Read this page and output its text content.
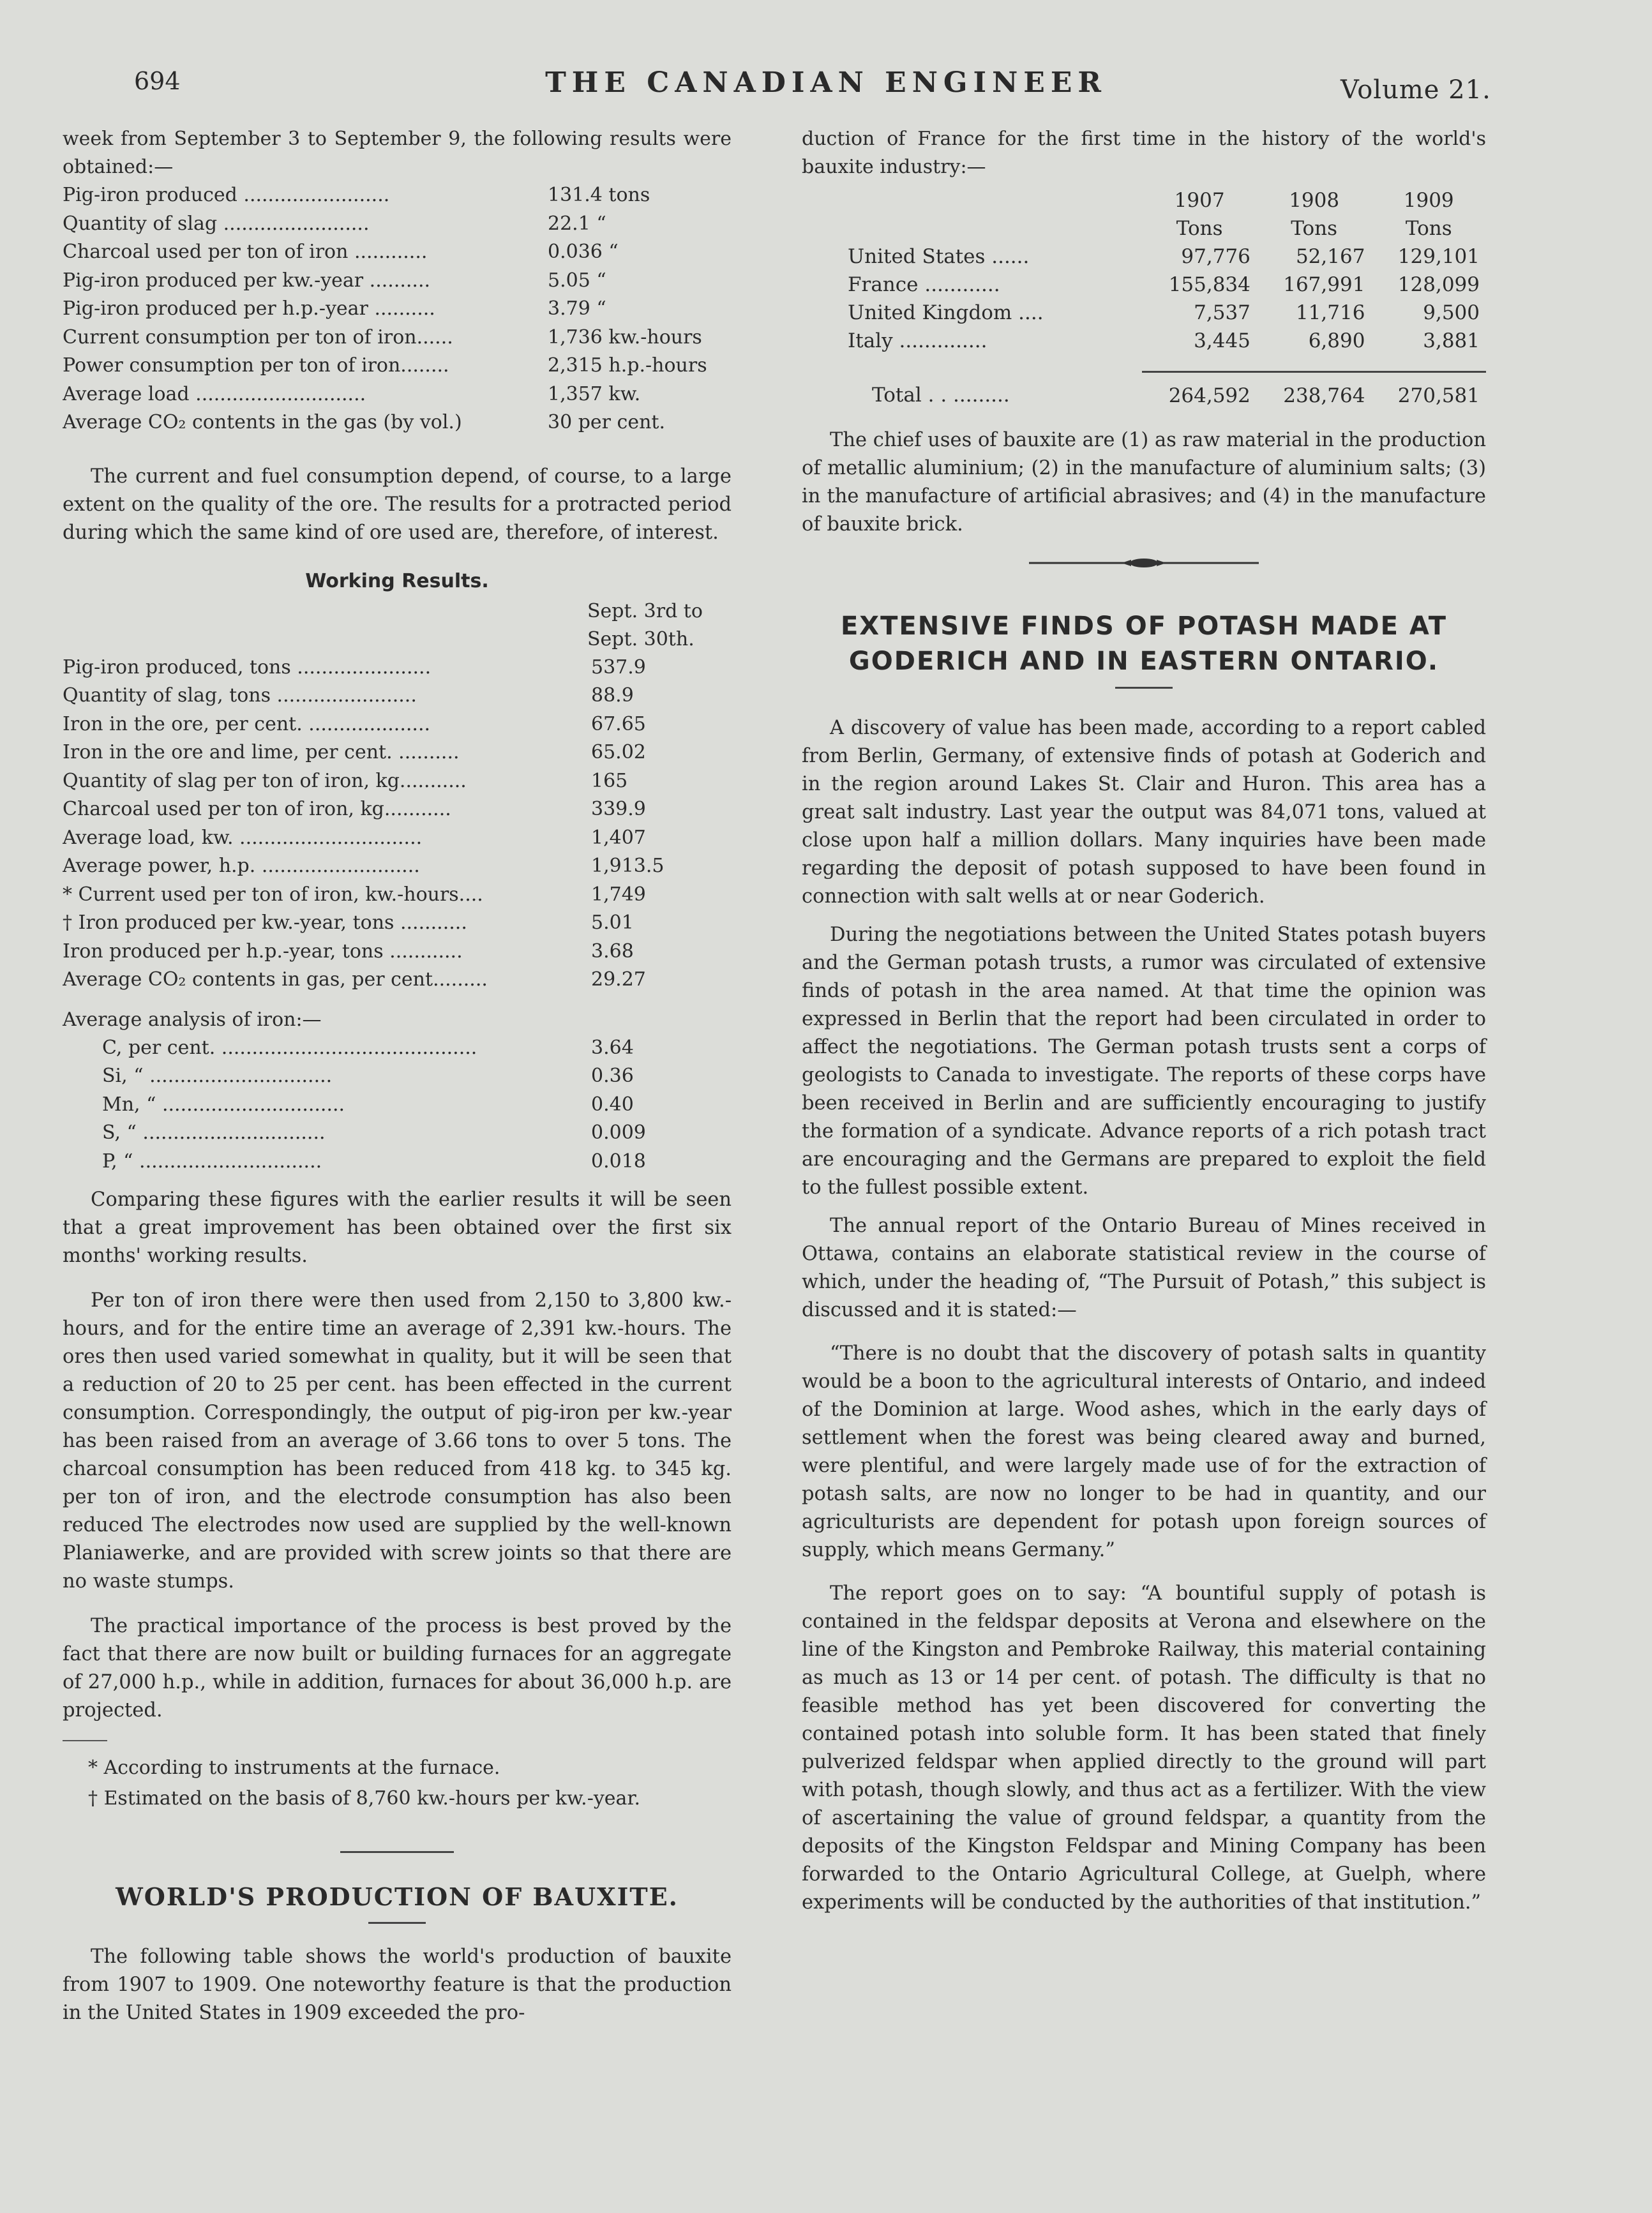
694	THE CANADIAN ENGINEER	Volume 21.

week from September 3 to September 9, the following results were obtained:—

Pig-iron produced ........................	131.4 tons
Quantity of slag ........................	22.1 “
Charcoal used per ton of iron ............	0.036 “
Pig-iron produced per kw.-year ..........	5.05 “
Pig-iron produced per h.p.-year ..........	3.79 “
Current consumption per ton of iron......	1,736 kw.-hours
Power consumption per ton of iron........	2,315 h.p.-hours
Average load ............................	1,357 kw.
Average CO₂ contents in the gas (by vol.)	30 per cent.

The current and fuel consumption depend, of course, to a large extent on the quality of the ore. The results for a protracted period during which the same kind of ore used are, therefore, of interest.

Working Results.
Sept. 3rd to
Sept. 30th.
Pig-iron produced, tons ......................	537.9
Quantity of slag, tons .......................	88.9
Iron in the ore, per cent. ....................	67.65
Iron in the ore and lime, per cent. ..........	65.02
Quantity of slag per ton of iron, kg...........	165
Charcoal used per ton of iron, kg...........	339.9
Average load, kw. ..............................	1,407
Average power, h.p. ..........................	1,913.5
* Current used per ton of iron, kw.-hours....	1,749
† Iron produced per kw.-year, tons ...........	5.01
Iron produced per h.p.-year, tons ............	3.68
Average CO₂ contents in gas, per cent.........	29.27
Average analysis of iron:—
C, per cent. ..........................................	3.64
Si, “ ..............................	0.36
Mn, “ ..............................	0.40
S, “ ..............................	0.009
P, “ ..............................	0.018

Comparing these figures with the earlier results it will be seen that a great improvement has been obtained over the first six months' working results.

Per ton of iron there were then used from 2,150 to 3,800 kw.-hours, and for the entire time an average of 2,391 kw.-hours. The ores then used varied somewhat in quality, but it will be seen that a reduction of 20 to 25 per cent. has been effected in the current consumption. Correspondingly, the output of pig-iron per kw.-year has been raised from an average of 3.66 tons to over 5 tons. The charcoal consumption has been reduced from 418 kg. to 345 kg. per ton of iron, and the electrode consumption has also been reduced The electrodes now used are supplied by the well-known Planiawerke, and are provided with screw joints so that there are no waste stumps.

The practical importance of the process is best proved by the fact that there are now built or building furnaces for an aggregate of 27,000 h.p., while in addition, furnaces for about 36,000 h.p. are projected.

* According to instruments at the furnace.
† Estimated on the basis of 8,760 kw.-hours per kw.-year.
WORLD'S PRODUCTION OF BAUXITE.

The following table shows the world's production of bauxite from 1907 to 1909. One noteworthy feature is that the production in the United States in 1909 exceeded the pro-

duction of France for the first time in the history of the world's bauxite industry:—

	1907	1908	1909
	Tons	Tons	Tons
United States ......	97,776	52,167	129,101
France ............	155,834	167,991	128,099
United Kingdom ....	7,537	11,716	9,500
Italy ..............	3,445	6,890	3,881

Total . . .........	264,592	238,764	270,581

The chief uses of bauxite are (1) as raw material in the production of metallic aluminium; (2) in the manufacture of aluminium salts; (3) in the manufacture of artificial abrasives; and (4) in the manufacture of bauxite brick.

EXTENSIVE FINDS OF POTASH MADE AT
GODERICH AND IN EASTERN ONTARIO.

A discovery of value has been made, according to a report cabled from Berlin, Germany, of extensive finds of potash at Goderich and in the region around Lakes St. Clair and Huron. This area has a great salt industry. Last year the output was 84,071 tons, valued at close upon half a million dollars. Many inquiries have been made regarding the deposit of potash supposed to have been found in connection with salt wells at or near Goderich.

During the negotiations between the United States potash buyers and the German potash trusts, a rumor was circulated of extensive finds of potash in the area named. At that time the opinion was expressed in Berlin that the report had been circulated in order to affect the negotiations. The German potash trusts sent a corps of geologists to Canada to investigate. The reports of these corps have been received in Berlin and are sufficiently encouraging to justify the formation of a syndicate. Advance reports of a rich potash tract are encouraging and the Germans are prepared to exploit the field to the fullest possible extent.

The annual report of the Ontario Bureau of Mines received in Ottawa, contains an elaborate statistical review in the course of which, under the heading of, “The Pursuit of Potash,” this subject is discussed and it is stated:—

“There is no doubt that the discovery of potash salts in quantity would be a boon to the agricultural interests of Ontario, and indeed of the Dominion at large. Wood ashes, which in the early days of settlement when the forest was being cleared away and burned, were plentiful, and were largely made use of for the extraction of potash salts, are now no longer to be had in quantity, and our agriculturists are dependent for potash upon foreign sources of supply, which means Germany.”

The report goes on to say: “A bountiful supply of potash is contained in the feldspar deposits at Verona and elsewhere on the line of the Kingston and Pembroke Railway, this material containing as much as 13 or 14 per cent. of potash. The difficulty is that no feasible method has yet been discovered for converting the contained potash into soluble form. It has been stated that finely pulverized feldspar when applied directly to the ground will part with potash, though slowly, and thus act as a fertilizer. With the view of ascertaining the value of ground feldspar, a quantity from the deposits of the Kingston Feldspar and Mining Company has been forwarded to the Ontario Agricultural College, at Guelph, where experiments will be conducted by the authorities of that institution.”
